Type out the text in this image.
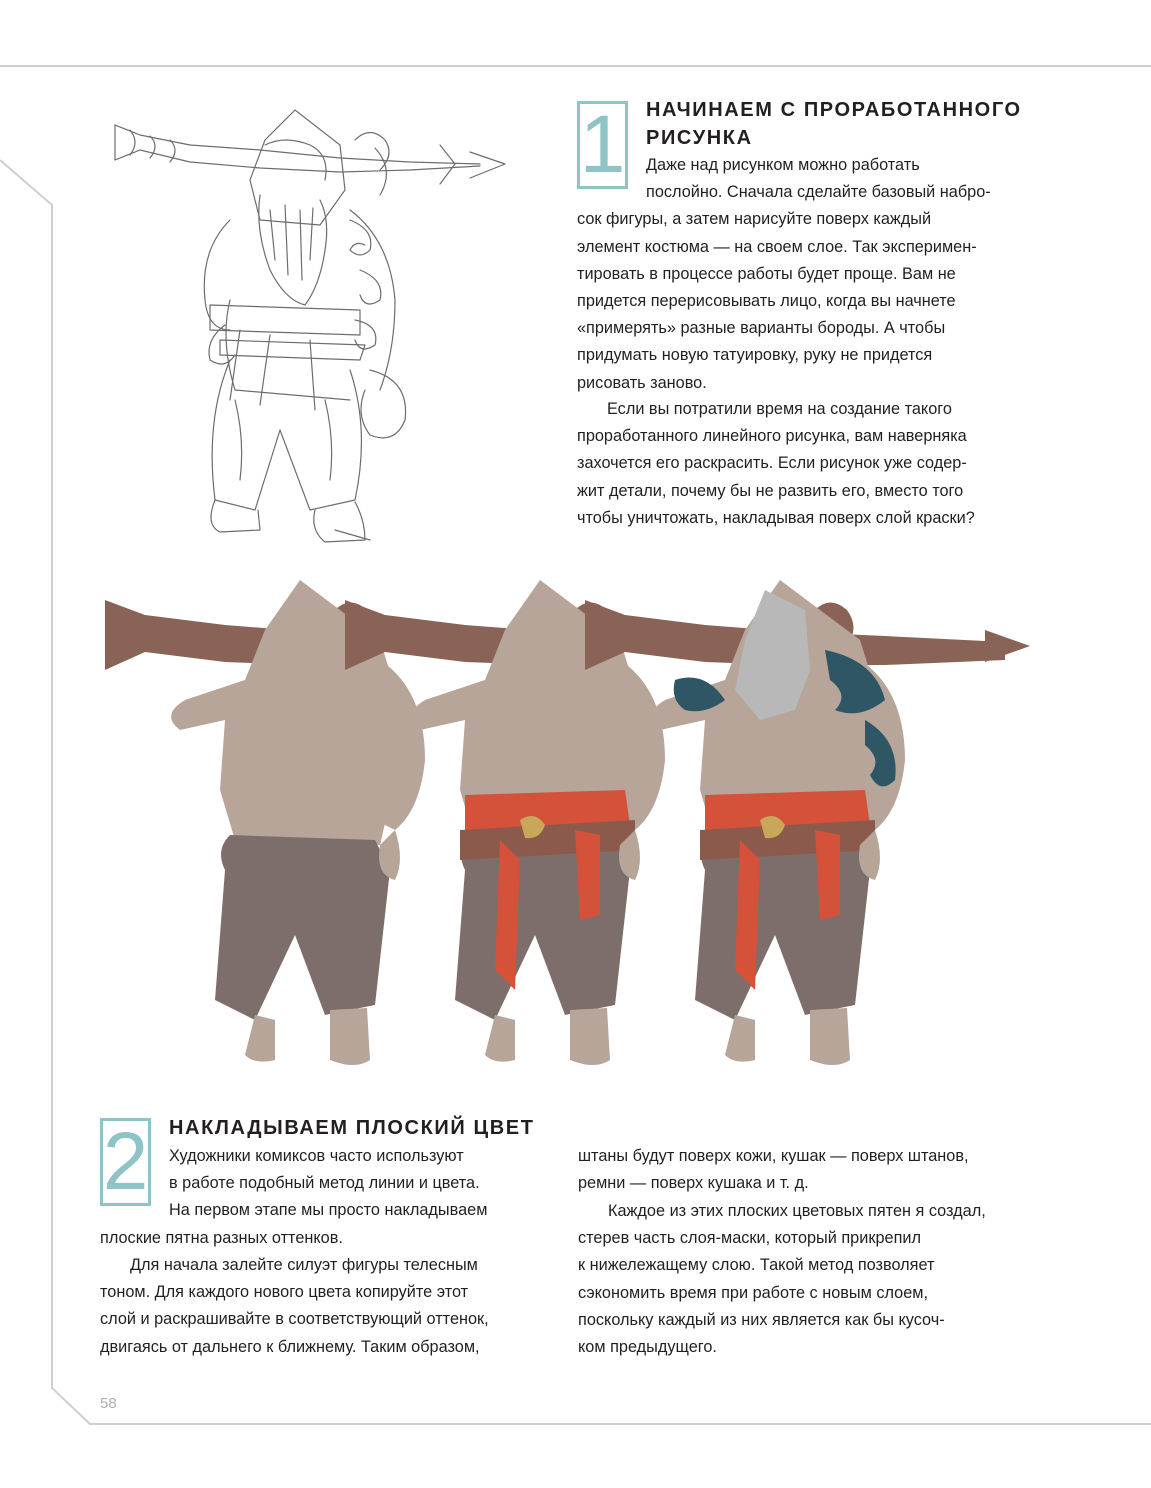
1 НАЧИНАЕМ С ПРОРАБОТАННОГО РИСУНКА

Даже над рисунком можно работать
послойно. Сначала сделайте базовый набро-
сок фигуры, а затем нарисуйте поверх каждый
элемент костюма — на своем слое. Так эксперимен-
тировать в процессе работы будет проще. Вам не
придется перерисовывать лицо, когда вы начнете
«примерять» разные варианты бороды. А чтобы
придумать новую татуировку, руку не придется
рисовать заново.

Если вы потратили время на создание такого
проработанного линейного рисунка, вам наверняка
захочется его раскрасить. Если рисунок уже содер-
жит детали, почему бы не развить его, вместо того
чтобы уничтожать, накладывая поверх слой краски?

2 НАКЛАДЫВАЕМ ПЛОСКИЙ ЦВЕТ

Художники комиксов часто используют
в работе подобный метод линии и цвета.
На первом этапе мы просто накладываем
плоские пятна разных оттенков.

Для начала залейте силуэт фигуры телесным
тоном. Для каждого нового цвета копируйте этот
слой и раскрашивайте в соответствующий оттенок,
двигаясь от дальнего к ближнему. Таким образом,

штаны будут поверх кожи, кушак — поверх штанов,
ремни — поверх кушака и т. д.

Каждое из этих плоских цветовых пятен я создал,
стерев часть слоя-маски, который прикрепил
к нижележащему слою. Такой метод позволяет
сэкономить время при работе с новым слоем,
поскольку каждый из них является как бы кусоч-
ком предыдущего.

58
